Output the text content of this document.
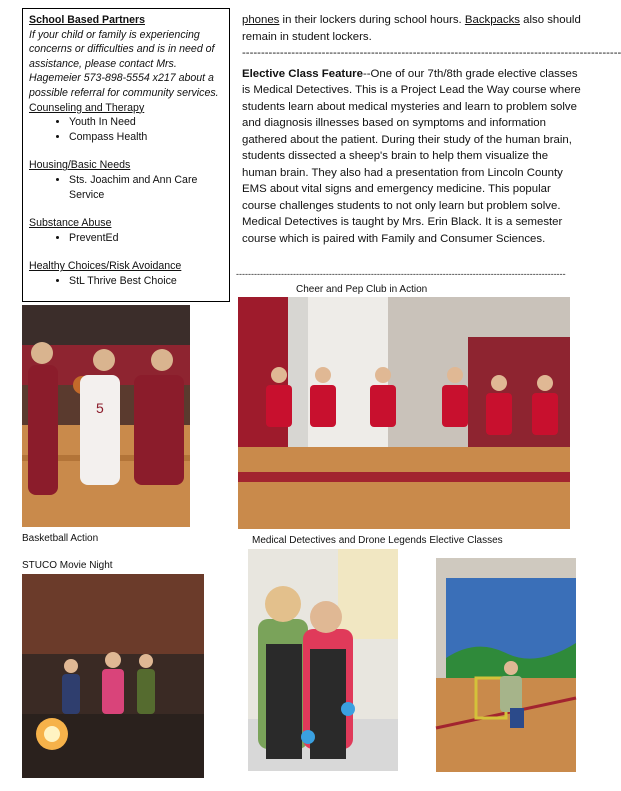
School Based Partners
If your child or family is experiencing concerns or difficulties and is in need of assistance, please contact Mrs. Hagemeier 573-898-5554 x217 about a possible referral for community services.
Counseling and Therapy
• Youth In Need
• Compass Health
Housing/Basic Needs
• Sts. Joachim and Ann Care Service
Substance Abuse
• PreventEd
Healthy Choices/Risk Avoidance
• StL Thrive Best Choice

phones in their lockers during school hours. Backpacks also should remain in student lockers.

----------------------------------------------------------------------------------------------------

Elective Class Feature--One of our 7th/8th grade elective classes is Medical Detectives. This is a Project Lead the Way course where students learn about medical mysteries and learn to problem solve and diagnosis illnesses based on symptoms and information gathered about the patient. During their study of the human brain, students dissected a sheep's brain to help them visualize the human brain. They also had a presentation from Lincoln County EMS about vital signs and emergency medicine. This popular course challenges students to not only learn but problem solve. Medical Detectives is taught by Mrs. Erin Black. It is a semester course which is paired with Family and Consumer Sciences.

--------------------------------------------------------------------------------------------------------------
Cheer and Pep Club in Action
Basketball Action	Medical Detectives and Drone Legends Elective Classes
STUCO Movie Night
5
